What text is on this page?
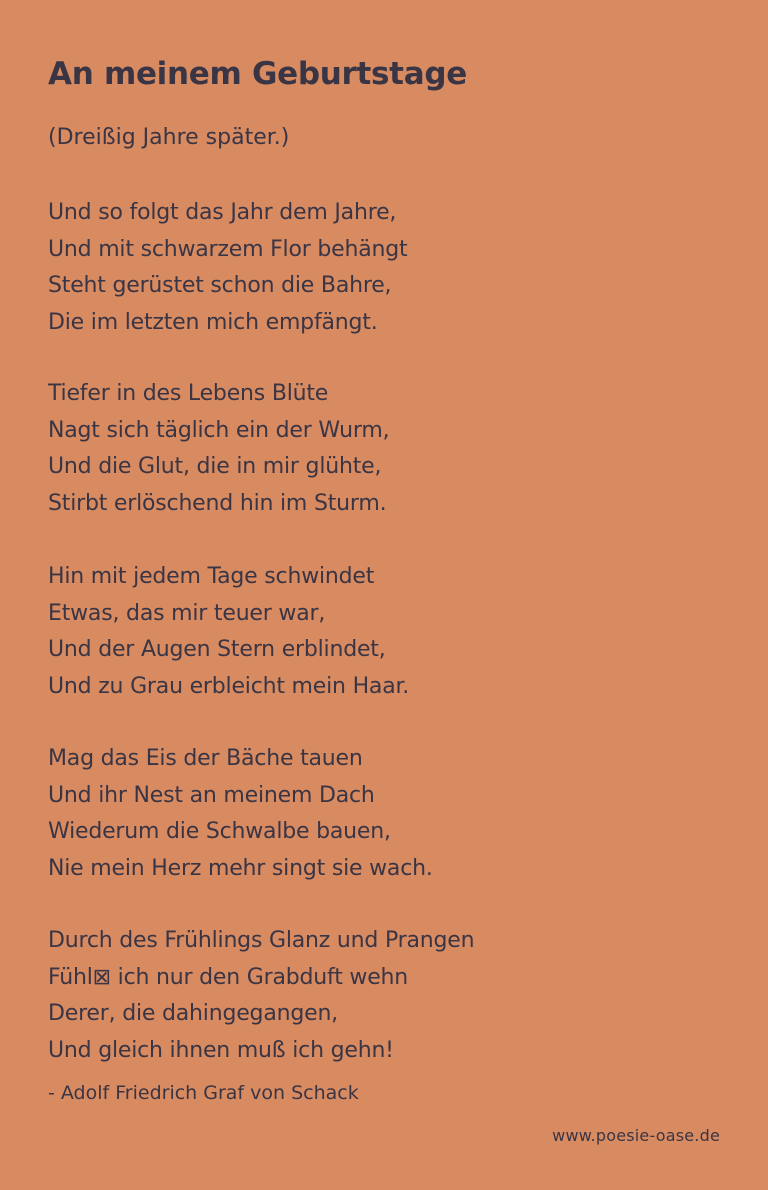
An meinem Geburtstage

(Dreißig Jahre später.)

Und so folgt das Jahr dem Jahre,
Und mit schwarzem Flor behängt
Steht gerüstet schon die Bahre,
Die im letzten mich empfängt.
Tiefer in des Lebens Blüte
Nagt sich täglich ein der Wurm,
Und die Glut, die in mir glühte,
Stirbt erlöschend hin im Sturm.
Hin mit jedem Tage schwindet
Etwas, das mir teuer war,
Und der Augen Stern erblindet,
Und zu Grau erbleicht mein Haar.
Mag das Eis der Bäche tauen
Und ihr Nest an meinem Dach
Wiederum die Schwalbe bauen,
Nie mein Herz mehr singt sie wach.
Durch des Frühlings Glanz und Prangen
Fühl⊠ ich nur den Grabduft wehn
Derer, die dahingegangen,
Und gleich ihnen muß ich gehn!
- Adolf Friedrich Graf von Schack
www.poesie-oase.de
